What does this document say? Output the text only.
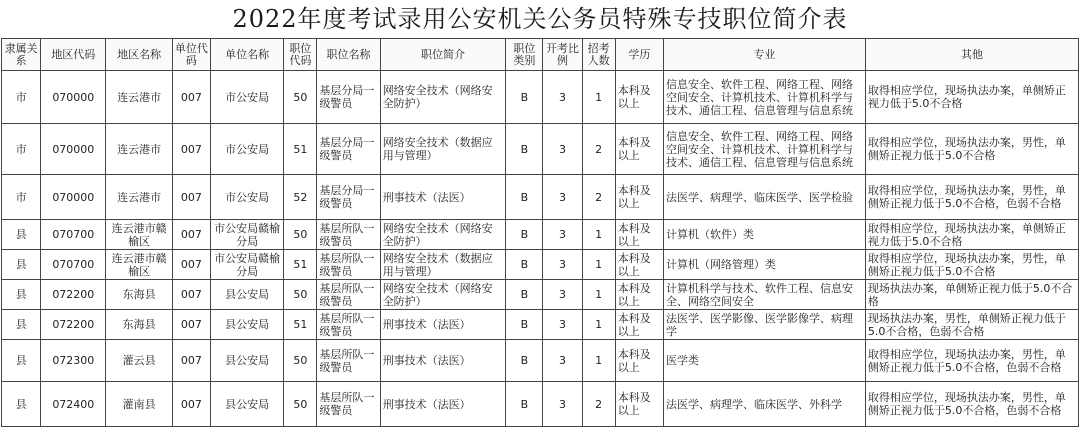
2022年度考试录用公安机关公务员特殊专技职位简介表
隶属关系	地区代码	地区名称	单位代码	单位名称	职位代码	职位名称	职位简介	职位类别	开考比例	招考人数	学历	专业	其他
市	070000	连云港市	007	市公安局	50	基层分局一级警员	网络安全技术（网络安全防护）	B	3	1	本科及以上	信息安全、软件工程、网络工程、网络空间安全、计算机技术、计算机科学与技术、通信工程、信息管理与信息系统	取得相应学位，现场执法办案，单侧矫正视力低于5.0不合格
市	070000	连云港市	007	市公安局	51	基层分局一级警员	网络安全技术（数据应用与管理）	B	3	2	本科及以上	信息安全、软件工程、网络工程、网络空间安全、计算机技术、计算机科学与技术、通信工程、信息管理与信息系统	取得相应学位，现场执法办案，男性，单侧矫正视力低于5.0不合格
市	070000	连云港市	007	市公安局	52	基层分局一级警员	刑事技术（法医）	B	3	2	本科及以上	法医学、病理学、临床医学、医学检验	取得相应学位，现场执法办案，男性，单侧矫正视力低于5.0不合格，色弱不合格
县	070700	连云港市赣榆区	007	市公安局赣榆分局	50	基层所队一级警员	网络安全技术（网络安全防护）	B	3	1	本科及以上	计算机（软件）类	取得相应学位，现场执法办案，单侧矫正视力低于5.0不合格
县	070700	连云港市赣榆区	007	市公安局赣榆分局	51	基层所队一级警员	网络安全技术（数据应用与管理）	B	3	1	本科及以上	计算机（网络管理）类	取得相应学位，现场执法办案，男性，单侧矫正视力低于5.0不合格
县	072200	东海县	007	县公安局	50	基层所队一级警员	网络安全技术（网络安全防护）	B	3	1	本科及以上	计算机科学与技术、软件工程、信息安全、网络空间安全	现场执法办案，单侧矫正视力低于5.0不合格
县	072200	东海县	007	县公安局	51	基层所队一级警员	刑事技术（法医）	B	3	1	本科及以上	法医学、医学影像、医学影像学、病理学	现场执法办案，男性，单侧矫正视力低于5.0不合格，色弱不合格
县	072300	灌云县	007	县公安局	50	基层所队一级警员	刑事技术（法医）	B	3	1	本科及以上	医学类	取得相应学位，现场执法办案，男性，单侧矫正视力低于5.0不合格，色弱不合格
县	072400	灌南县	007	县公安局	50	基层所队一级警员	刑事技术（法医）	B	3	2	本科及以上	法医学、病理学、临床医学、外科学	取得相应学位，现场执法办案，男性，单侧矫正视力低于5.0不合格，色弱不合格
